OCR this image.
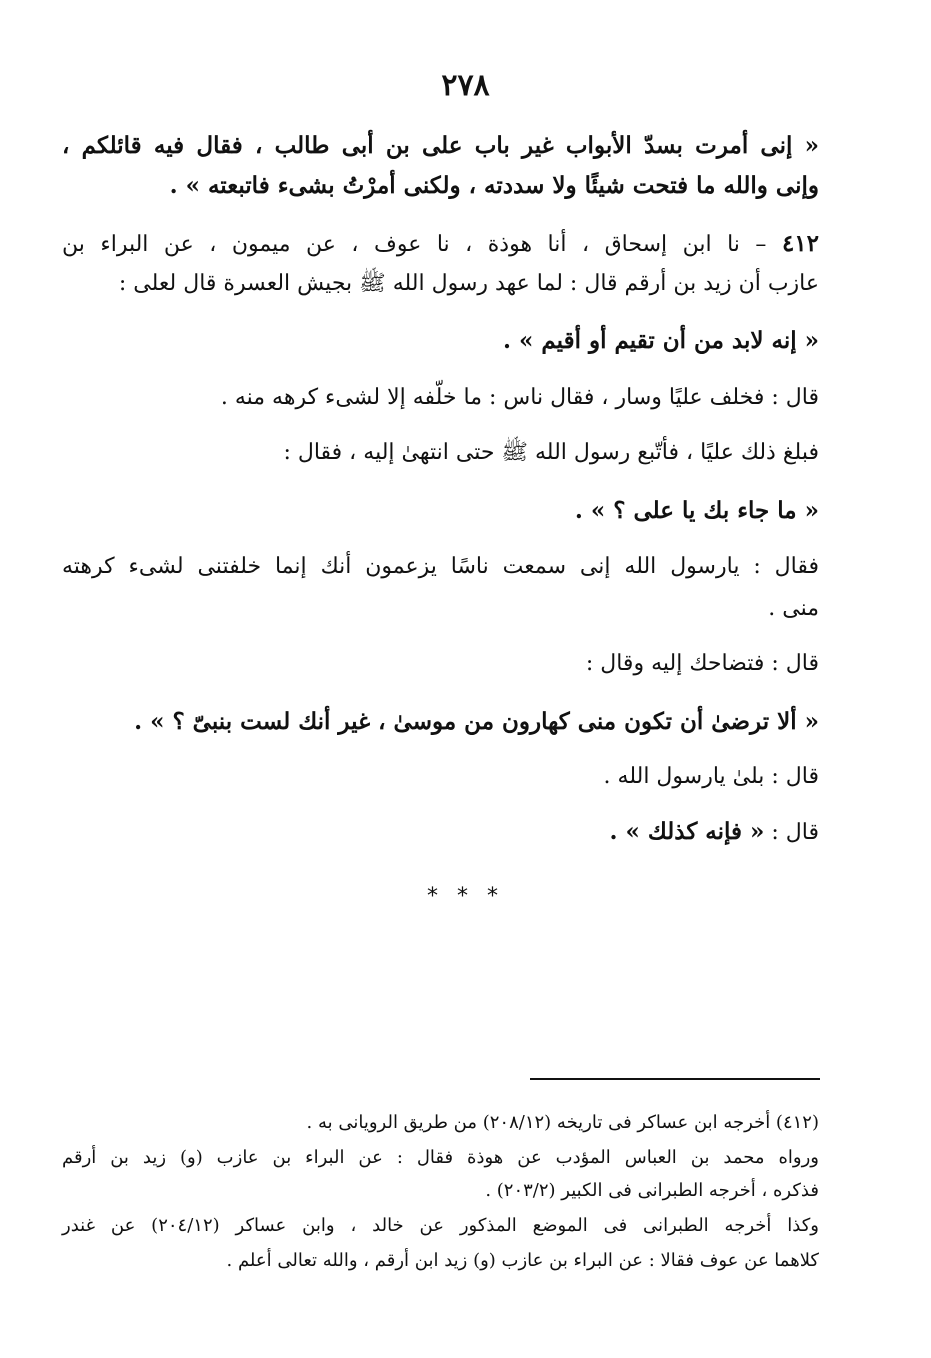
٢٧٨
« إنى أمرت بسدّ الأبواب غير باب على بن أبى طالب ، فقال فيه قائلكم ،
وإنى والله ما فتحت شيئًا ولا سددته ، ولكنى أمرْتُ بشىء فاتبعته » .
٤١٢ – نا ابن إسحاق ، أنا هوذة ، نا عوف ، عن ميمون ، عن البراء بن
عازب أن زيد بن أرقم قال : لما عهد رسول الله ﷺ بجيش العسرة قال لعلى :
« إنه لابد من أن تقيم أو أقيم » .
قال : فخلف عليًا وسار ، فقال ناس : ما خلّفه إلا لشىء كرهه منه .
فبلغ ذلك عليًا ، فأتّبع رسول الله ﷺ حتى انتهىٰ إليه ، فقال :
« ما جاء بك يا على ؟ » .
فقال : يارسول الله إنى سمعت ناسًا يزعمون أنك إنما خلفتنى لشىء كرهته
منى .
قال : فتضاحك إليه وقال :
« ألا ترضىٰ أن تكون منى كهارون من موسىٰ ، غير أنك لست بنبىّ ؟ » .
قال : بلىٰ يارسول الله .
قال : « فإنه كذلك » .
* * *
(٤١٢) أخرجه ابن عساكر فى تاريخه (٢٠٨/١٢) من طريق الرويانى به .
ورواه محمد بن العباس المؤدب عن هوذة فقال : عن البراء بن عازب (و) زيد بن أرقم
فذكره ، أخرجه الطبرانى فى الكبير (٢٠٣/٢) .
وكذا أخرجه الطبرانى فى الموضع المذكور عن خالد ، وابن عساكر (٢٠٤/١٢) عن غندر
كلاهما عن عوف فقالا : عن البراء بن عازب (و) زيد ابن أرقم ، والله تعالى أعلم .
